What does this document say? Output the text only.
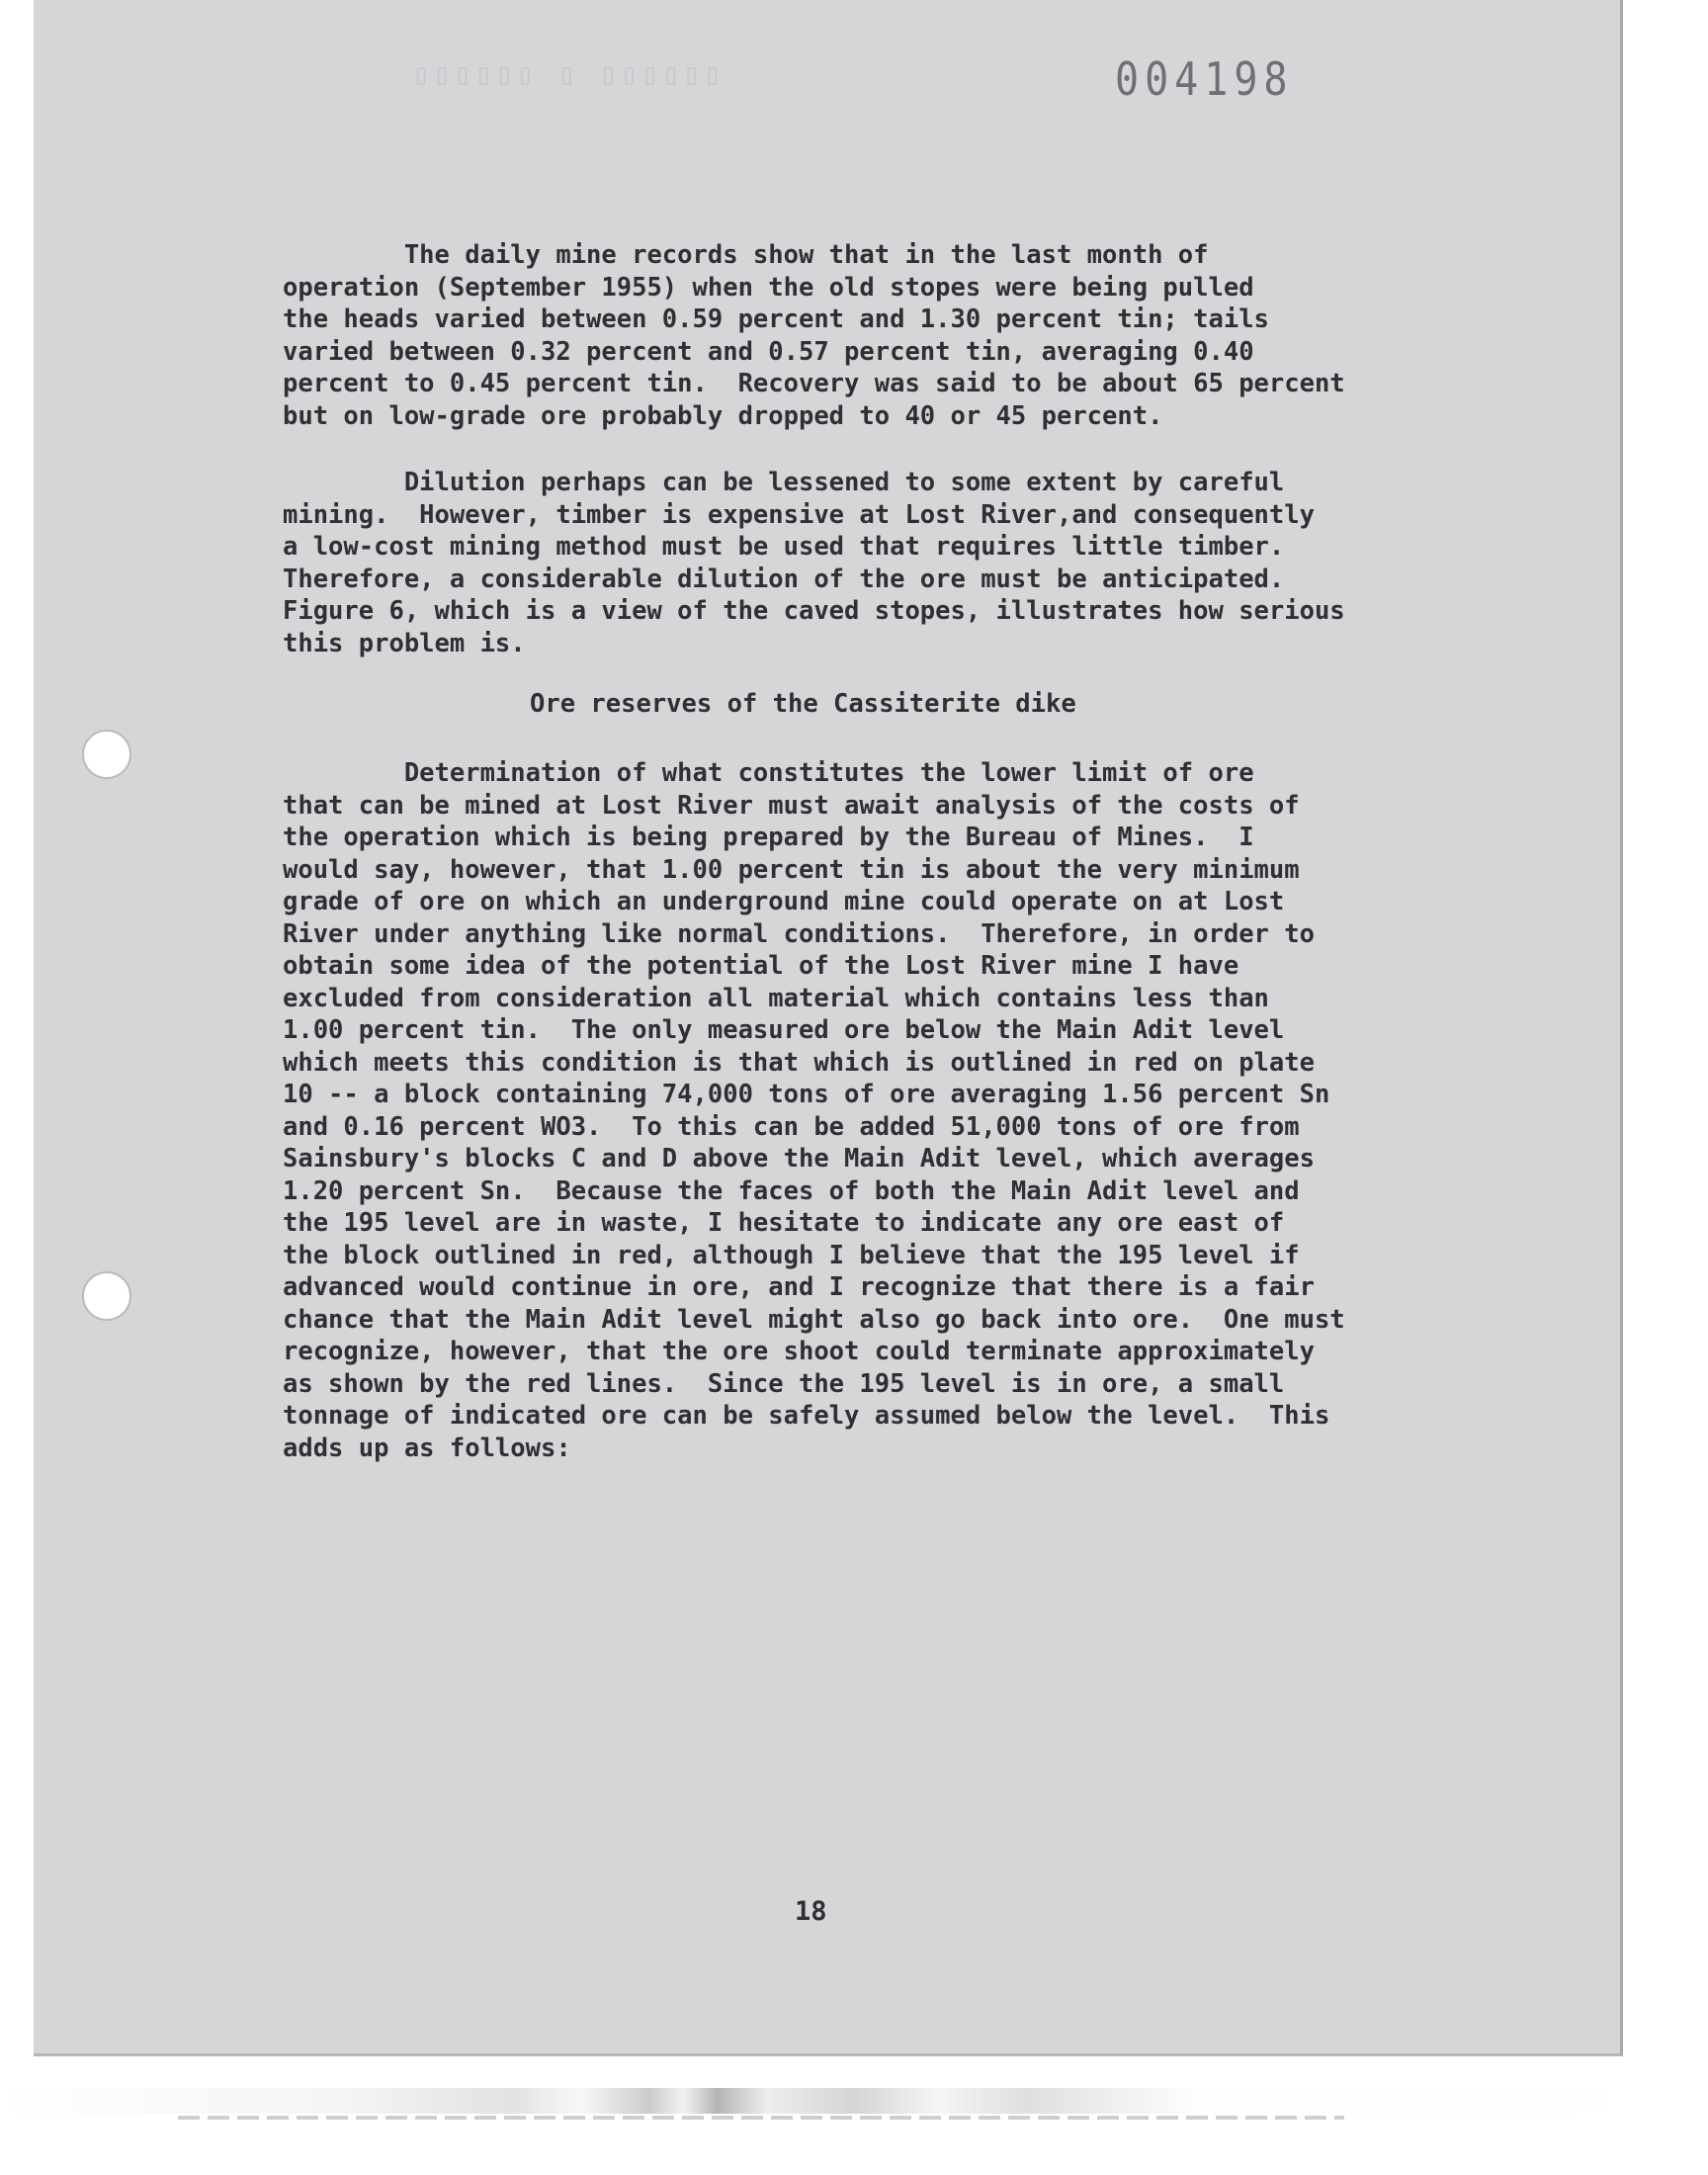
▯▯▯▯▯▯ ▯ ▯▯▯▯▯▯	004198
The daily mine records show that in the last month of
operation (September 1955) when the old stopes were being pulled
the heads varied between 0.59 percent and 1.30 percent tin; tails
varied between 0.32 percent and 0.57 percent tin, averaging 0.40
percent to 0.45 percent tin.  Recovery was said to be about 65 percent
but on low-grade ore probably dropped to 40 or 45 percent.
Dilution perhaps can be lessened to some extent by careful
mining.  However, timber is expensive at Lost River,and consequently
a low-cost mining method must be used that requires little timber.
Therefore, a considerable dilution of the ore must be anticipated.
Figure 6, which is a view of the caved stopes, illustrates how serious
this problem is.
Ore reserves of the Cassiterite dike
Determination of what constitutes the lower limit of ore
that can be mined at Lost River must await analysis of the costs of
the operation which is being prepared by the Bureau of Mines.  I
would say, however, that 1.00 percent tin is about the very minimum
grade of ore on which an underground mine could operate on at Lost
River under anything like normal conditions.  Therefore, in order to
obtain some idea of the potential of the Lost River mine I have
excluded from consideration all material which contains less than
1.00 percent tin.  The only measured ore below the Main Adit level
which meets this condition is that which is outlined in red on plate
10 -- a block containing 74,000 tons of ore averaging 1.56 percent Sn
and 0.16 percent WO3.  To this can be added 51,000 tons of ore from
Sainsbury's blocks C and D above the Main Adit level, which averages
1.20 percent Sn.  Because the faces of both the Main Adit level and
the 195 level are in waste, I hesitate to indicate any ore east of
the block outlined in red, although I believe that the 195 level if
advanced would continue in ore, and I recognize that there is a fair
chance that the Main Adit level might also go back into ore.  One must
recognize, however, that the ore shoot could terminate approximately
as shown by the red lines.  Since the 195 level is in ore, a small
tonnage of indicated ore can be safely assumed below the level.  This
adds up as follows:
18
